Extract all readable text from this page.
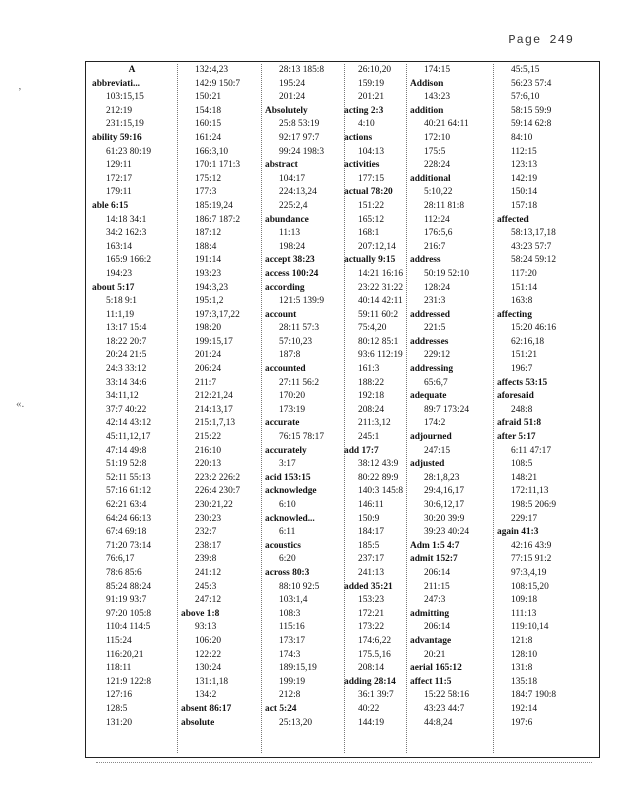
Page 249
’
«.
A
abbreviati...
103:15,15
212:19
231:15,19
ability 59:16
61:23 80:19
129:11
172:17
179:11
able 6:15
14:18 34:1
34:2 162:3
163:14
165:9 166:2
194:23
about 5:17
5:18 9:1
11:1,19
13:17 15:4
18:22 20:7
20:24 21:5
24:3 33:12
33:14 34:6
34:11,12
37:7 40:22
42:14 43:12
45:11,12,17
47:14 49:8
51:19 52:8
52:11 55:13
57:16 61:12
62:21 63:4
64:24 66:13
67:4 69:18
71:20 73:14
76:6,17
78:6 85:6
85:24 88:24
91:19 93:7
97:20 105:8
110:4 114:5
115:24
116:20,21
118:11
121:9 122:8
127:16
128:5
131:20
132:4,23
142:9 150:7
150:21
154:18
160:15
161:24
166:3,10
170:1 171:3
175:12
177:3
185:19,24
186:7 187:2
187:12
188:4
191:14
193:23
194:3,23
195:1,2
197:3,17,22
198:20
199:15,17
201:24
206:24
211:7
212:21,24
214:13,17
215:1,7,13
215:22
216:10
220:13
223:2 226:2
226:4 230:7
230:21,22
230:23
232:7
238:17
239:8
241:12
245:3
247:12
above 1:8
93:13
106:20
122:22
130:24
131:1,18
134:2
absent 86:17
absolute
28:13 185:8
195:24
201:24
Absolutely
25:8 53:19
92:17 97:7
99:24 198:3
abstract
104:17
224:13,24
225:2,4
abundance
11:13
198:24
accept 38:23
access 100:24
according
121:5 139:9
account
28:11 57:3
57:10,23
187:8
accounted
27:11 56:2
170:20
173:19
accurate
76:15 78:17
accurately
3:17
acid 153:15
acknowledge
6:10
acknowled...
6:11
acoustics
6:20
across 80:3
88:10 92:5
103:1,4
108:3
115:16
173:17
174:3
189:15,19
199:19
212:8
act 5:24
25:13,20
26:10,20
159:19
201:21
acting 2:3
4:10
actions
104:13
activities
177:15
actual 78:20
151:22
165:12
168:1
207:12,14
actually 9:15
14:21 16:16
23:22 31:22
40:14 42:11
59:11 60:2
75:4,20
80:12 85:1
93:6 112:19
161:3
188:22
192:18
208:24
211:3,12
245:1
add 17:7
38:12 43:9
80:22 89:9
140:3 145:8
146:11
150:9
184:17
185:5
237:17
241:13
added 35:21
153:23
172:21
173:22
174:6,22
175.5,16
208:14
adding 28:14
36:1 39:7
40:22
144:19
174:15
Addison
143:23
addition
40:21 64:11
172:10
175:5
228:24
additional
5:10,22
28:11 81:8
112:24
176:5,6
216:7
address
50:19 52:10
128:24
231:3
addressed
221:5
addresses
229:12
addressing
65:6,7
adequate
89:7 173:24
174:2
adjourned
247:15
adjusted
28:1,8,23
29:4,16,17
30:6,12,17
30:20 39:9
39:23 40:24
Adm 1:5 4:7
admit 152:7
206:14
211:15
247:3
admitting
206:14
advantage
20:21
aerial 165:12
affect 11:5
15:22 58:16
43:23 44:7
44:8,24
45:5,15
56:23 57:4
57:6,10
58:15 59:9
59:14 62:8
84:10
112:15
123:13
142:19
150:14
157:18
affected
58:13,17,18
43:23 57:7
58:24 59:12
117:20
151:14
163:8
affecting
15:20 46:16
62:16,18
151:21
196:7
affects 53:15
aforesaid
248:8
afraid 51:8
after 5:17
6:11 47:17
108:5
148:21
172:11,13
198:5 206:9
229:17
again 41:3
42:16 43:9
77:15 91:2
97:3,4,19
108:15,20
109:18
111:13
119:10,14
121:8
128:10
131:8
135:18
184:7 190:8
192:14
197:6
